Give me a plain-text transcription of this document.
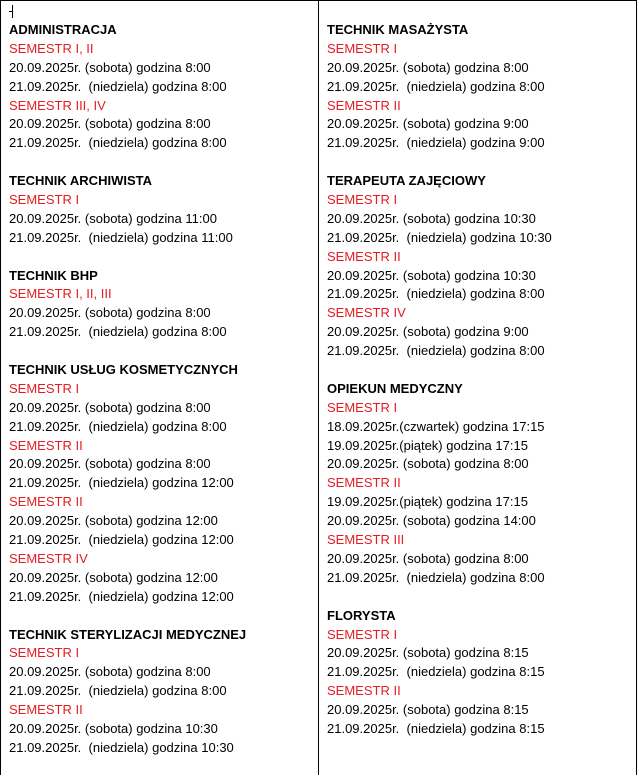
ADMINISTRACJA
SEMESTR I, II
20.09.2025r. (sobota) godzina 8:00
21.09.2025r.  (niedziela) godzina 8:00
SEMESTR III, IV
20.09.2025r. (sobota) godzina 8:00
21.09.2025r.  (niedziela) godzina 8:00
TECHNIK ARCHIWISTA
SEMESTR I
20.09.2025r. (sobota) godzina 11:00
21.09.2025r.  (niedziela) godzina 11:00
TECHNIK BHP
SEMESTR I, II, III
20.09.2025r. (sobota) godzina 8:00
21.09.2025r.  (niedziela) godzina 8:00
TECHNIK USŁUG KOSMETYCZNYCH
SEMESTR I
20.09.2025r. (sobota) godzina 8:00
21.09.2025r.  (niedziela) godzina 8:00
SEMESTR II
20.09.2025r. (sobota) godzina 8:00
21.09.2025r.  (niedziela) godzina 12:00
SEMESTR II
20.09.2025r. (sobota) godzina 12:00
21.09.2025r.  (niedziela) godzina 12:00
SEMESTR IV
20.09.2025r. (sobota) godzina 12:00
21.09.2025r.  (niedziela) godzina 12:00
TECHNIK STERYLIZACJI MEDYCZNEJ
SEMESTR I
20.09.2025r. (sobota) godzina 8:00
21.09.2025r.  (niedziela) godzina 8:00
SEMESTR II
20.09.2025r. (sobota) godzina 10:30
21.09.2025r.  (niedziela) godzina 10:30
TECHNIK MASAŻYSTA
SEMESTR I
20.09.2025r. (sobota) godzina 8:00
21.09.2025r.  (niedziela) godzina 8:00
SEMESTR II
20.09.2025r. (sobota) godzina 9:00
21.09.2025r.  (niedziela) godzina 9:00
TERAPEUTA ZAJĘCIOWY
SEMESTR I
20.09.2025r. (sobota) godzina 10:30
21.09.2025r.  (niedziela) godzina 10:30
SEMESTR II
20.09.2025r. (sobota) godzina 10:30
21.09.2025r.  (niedziela) godzina 8:00
SEMESTR IV
20.09.2025r. (sobota) godzina 9:00
21.09.2025r.  (niedziela) godzina 8:00
OPIEKUN MEDYCZNY
SEMESTR I
18.09.2025r.(czwartek) godzina 17:15
19.09.2025r.(piątek) godzina 17:15
20.09.2025r. (sobota) godzina 8:00
SEMESTR II
19.09.2025r.(piątek) godzina 17:15
20.09.2025r. (sobota) godzina 14:00
SEMESTR III
20.09.2025r. (sobota) godzina 8:00
21.09.2025r.  (niedziela) godzina 8:00
FLORYSTA
SEMESTR I
20.09.2025r. (sobota) godzina 8:15
21.09.2025r.  (niedziela) godzina 8:15
SEMESTR II
20.09.2025r. (sobota) godzina 8:15
21.09.2025r.  (niedziela) godzina 8:15
